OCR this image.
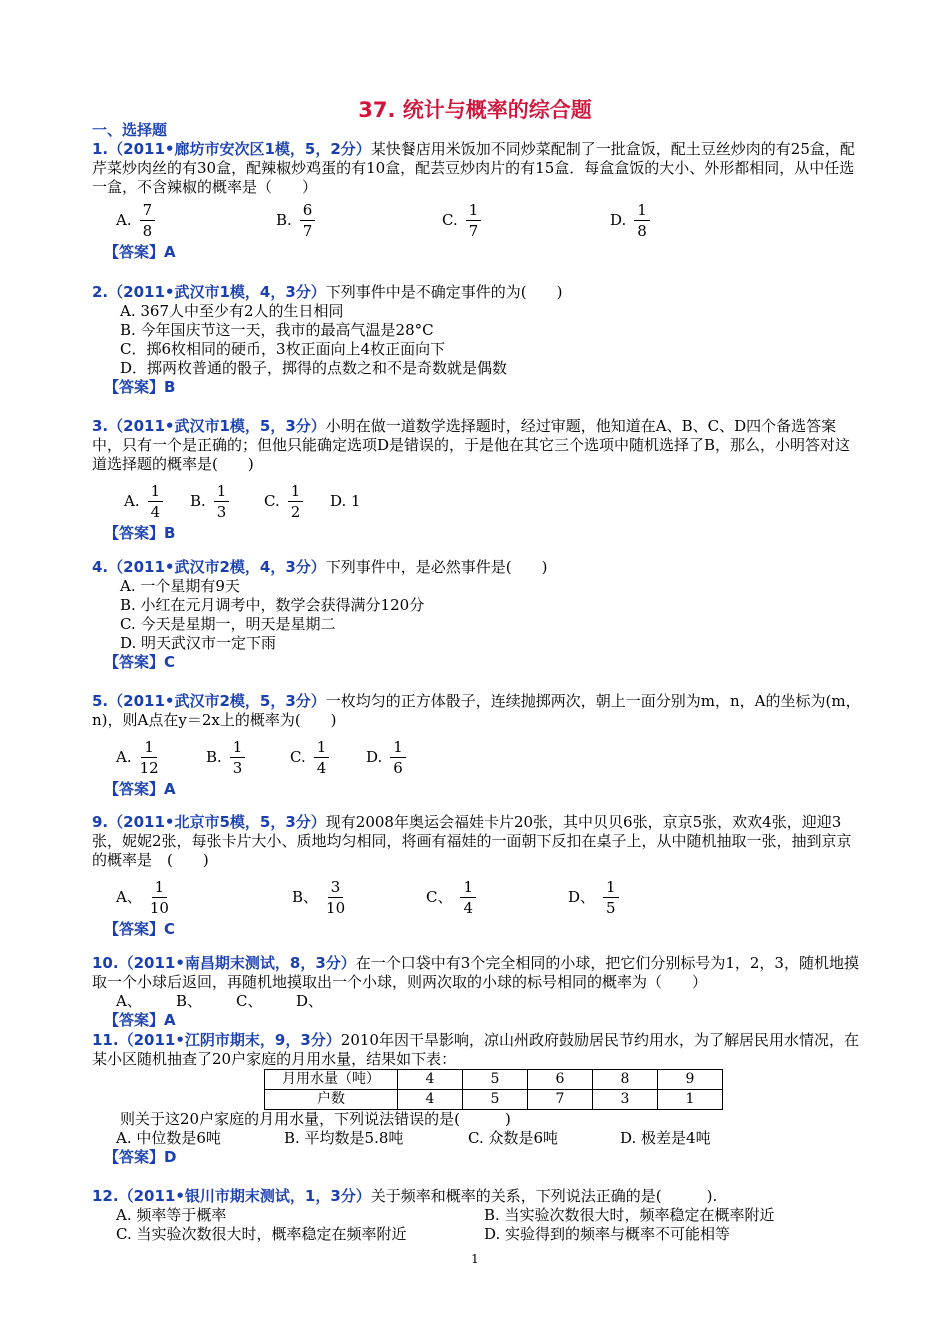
37. 统计与概率的综合题
一、选择题

1.（2011•廊坊市安次区1模，5，2分）某快餐店用米饭加不同炒菜配制了一批盒饭，配土豆丝炒肉的有25盒，配芹菜炒肉丝的有30盒，配辣椒炒鸡蛋的有10盒，配芸豆炒肉片的有15盒．每盒盒饭的大小、外形都相同，从中任选一盒，不含辣椒的概率是（　　）

A. $\frac{7}{8}$	B. $\frac{6}{7}$	C. $\frac{1}{7}$	D. $\frac{1}{8}$
【答案】A

2.（2011•武汉市1模，4，3分）下列事件中是不确定事件的为(　　)

A. 367人中至少有2人的生日相同
B. 今年国庆节这一天，我市的最高气温是28°C
C．掷6枚相同的硬币，3枚正面向上4枚正面向下
D．掷两枚普通的骰子，掷得的点数之和不是奇数就是偶数
【答案】B

3.（2011•武汉市1模，5，3分）小明在做一道数学选择题时，经过审题，他知道在A、B、C、D四个备选答案中，只有一个是正确的；但他只能确定选项D是错误的，于是他在其它三个选项中随机选择了B，那么，小明答对这道选择题的概率是(　　)

A. $\frac{1}{4} B$. $\frac{1}{3} C$. $\frac{1}{2} D$. 1
【答案】B

4.（2011•武汉市2模，4，3分）下列事件中，是必然事件是(　　)

A. 一个星期有9天
B. 小红在元月调考中，数学会获得满分120分
C. 今天是星期一，明天是星期二
D. 明天武汉市一定下雨
【答案】C

5.（2011•武汉市2模，5，3分）一枚均匀的正方体骰子，连续抛掷两次，朝上一面分别为m，n，A的坐标为(m，n)，则A点在y＝2x上的概率为(　　)

A. $\frac{1}{12}$	B. $\frac{1}{3}$	C. $\frac{1}{4} D$. $\frac{1}{6}$
【答案】A

9.（2011•北京市5模，5，3分）现有2008年奥运会福娃卡片20张，其中贝贝6张，京京5张，欢欢4张，迎迎3张，妮妮2张，每张卡片大小、质地均匀相同，将画有福娃的一面朝下反扣在桌子上，从中随机抽取一张，抽到京京的概率是　(　　)

A、 $\frac{1}{10}$	B、 $\frac{3}{10}$	C、 $\frac{1}{4}$	D、 $\frac{1}{5}$
【答案】C

10.（2011•南昌期末测试，8，3分）在一个口袋中有3个完全相同的小球，把它们分别标号为1，2，3，随机地摸取一个小球后返回，再随机地摸取出一个小球，则两次取的小球的标号相同的概率为（　　）

A、 B、 C、 D、
【答案】A

11.（2011•江阴市期末，9，3分）2010年因干旱影响，凉山州政府鼓励居民节约用水，为了解居民用水情况，在某小区随机抽查了20户家庭的月用水量，结果如下表：

月用水量（吨）	4	5	6	8	9
户数	4	5	7	3	1

则关于这20户家庭的月用水量，下列说法错误的是(　　　)

A. 中位数是6吨	B. 平均数是5.8吨	C. 众数是6吨	D. 极差是4吨
【答案】D

12.（2011•银川市期末测试，1，3分）关于频率和概率的关系，下列说法正确的是(　　　).

A. 频率等于概率	B. 当实验次数很大时，频率稳定在概率附近
C. 当实验次数很大时，概率稳定在频率附近	D. 实验得到的频率与概率不可能相等
1
